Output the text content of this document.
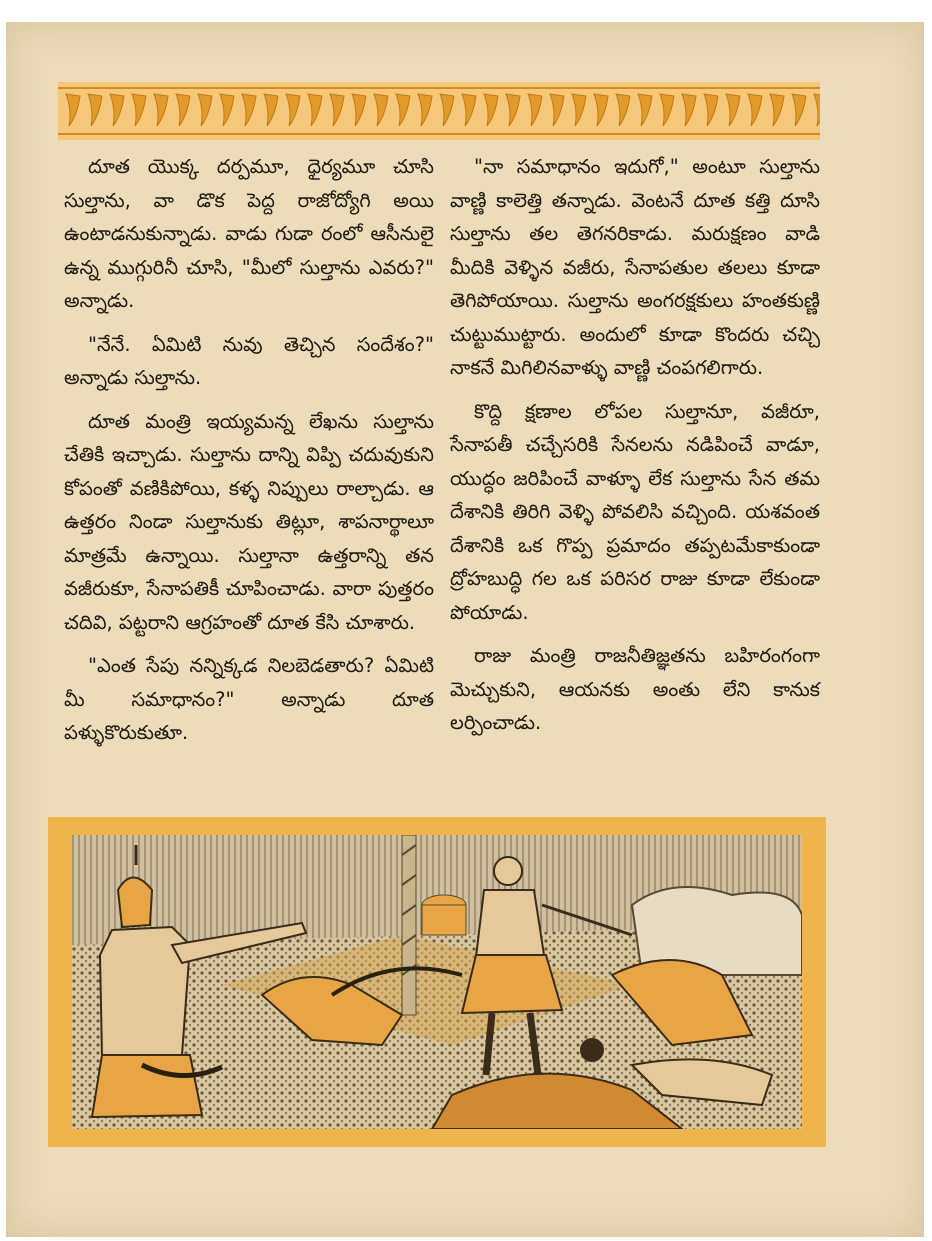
దూత యొక్క దర్పమూ, ధైర్యమూ చూసి సుల్తాను, వా డొక పెద్ద రాజోద్యోగి అయి ఉంటాడనుకున్నాడు. వాడు గుడా రంలో ఆసీనులై ఉన్న ముగ్గురినీ చూసి, "మీలో సుల్తాను ఎవరు?" అన్నాడు.

"నేనే. ఏమిటి నువు తెచ్చిన సందేశం?" అన్నాడు సుల్తాను.

దూత మంత్రి ఇయ్యమన్న లేఖను సుల్తాను చేతికి ఇచ్చాడు. సుల్తాను దాన్ని విప్పి చదువుకుని కోపంతో వణికిపోయి, కళ్ళ నిప్పులు రాల్చాడు. ఆ ఉత్తరం నిండా సుల్తానుకు తిట్లూ, శాపనార్థాలూ మాత్రమే ఉన్నాయి. సుల్తానా ఉత్తరాన్ని తన వజీరుకూ, సేనాపతికీ చూపించాడు. వారా పుత్తరం చదివి, పట్టరాని ఆగ్రహంతో దూత కేసి చూశారు.

"ఎంత సేపు నన్నిక్కడ నిలబెడతారు? ఏమిటి మీ సమాధానం?" అన్నాడు దూత పళ్ళుకొరుకుతూ.

"నా సమాధానం ఇదుగో," అంటూ సుల్తాను వాణ్ణి కాలెత్తి తన్నాడు. వెంటనే దూత కత్తి దూసి సుల్తాను తల తెగనరికాడు. మరుక్షణం వాడి మీదికి వెళ్ళిన వజీరు, సేనాపతుల తలలు కూడా తెగిపోయాయి. సుల్తాను అంగరక్షకులు హంతకుణ్ణి చుట్టుముట్టారు. అందులో కూడా కొందరు చచ్చి నాకనే మిగిలినవాళ్ళు వాణ్ణి చంపగలిగారు.

కొద్ది క్షణాల లోపల సుల్తానూ, వజీరూ, సేనాపతీ చచ్చేసరికి సేనలను నడిపించే వాడూ, యుద్ధం జరిపించే వాళ్ళూ లేక సుల్తాను సేన తమ దేశానికి తిరిగి వెళ్ళి పోవలిసి వచ్చింది. యశవంత దేశానికి ఒక గొప్ప ప్రమాదం తప్పటమేకాకుండా ద్రోహబుద్ధి గల ఒక పరిసర రాజు కూడా లేకుండా పోయాడు.

రాజు మంత్రి రాజనీతిజ్ఞతను బహిరంగంగా మెచ్చుకుని, ఆయనకు అంతు లేని కానుక లర్పించాడు.
